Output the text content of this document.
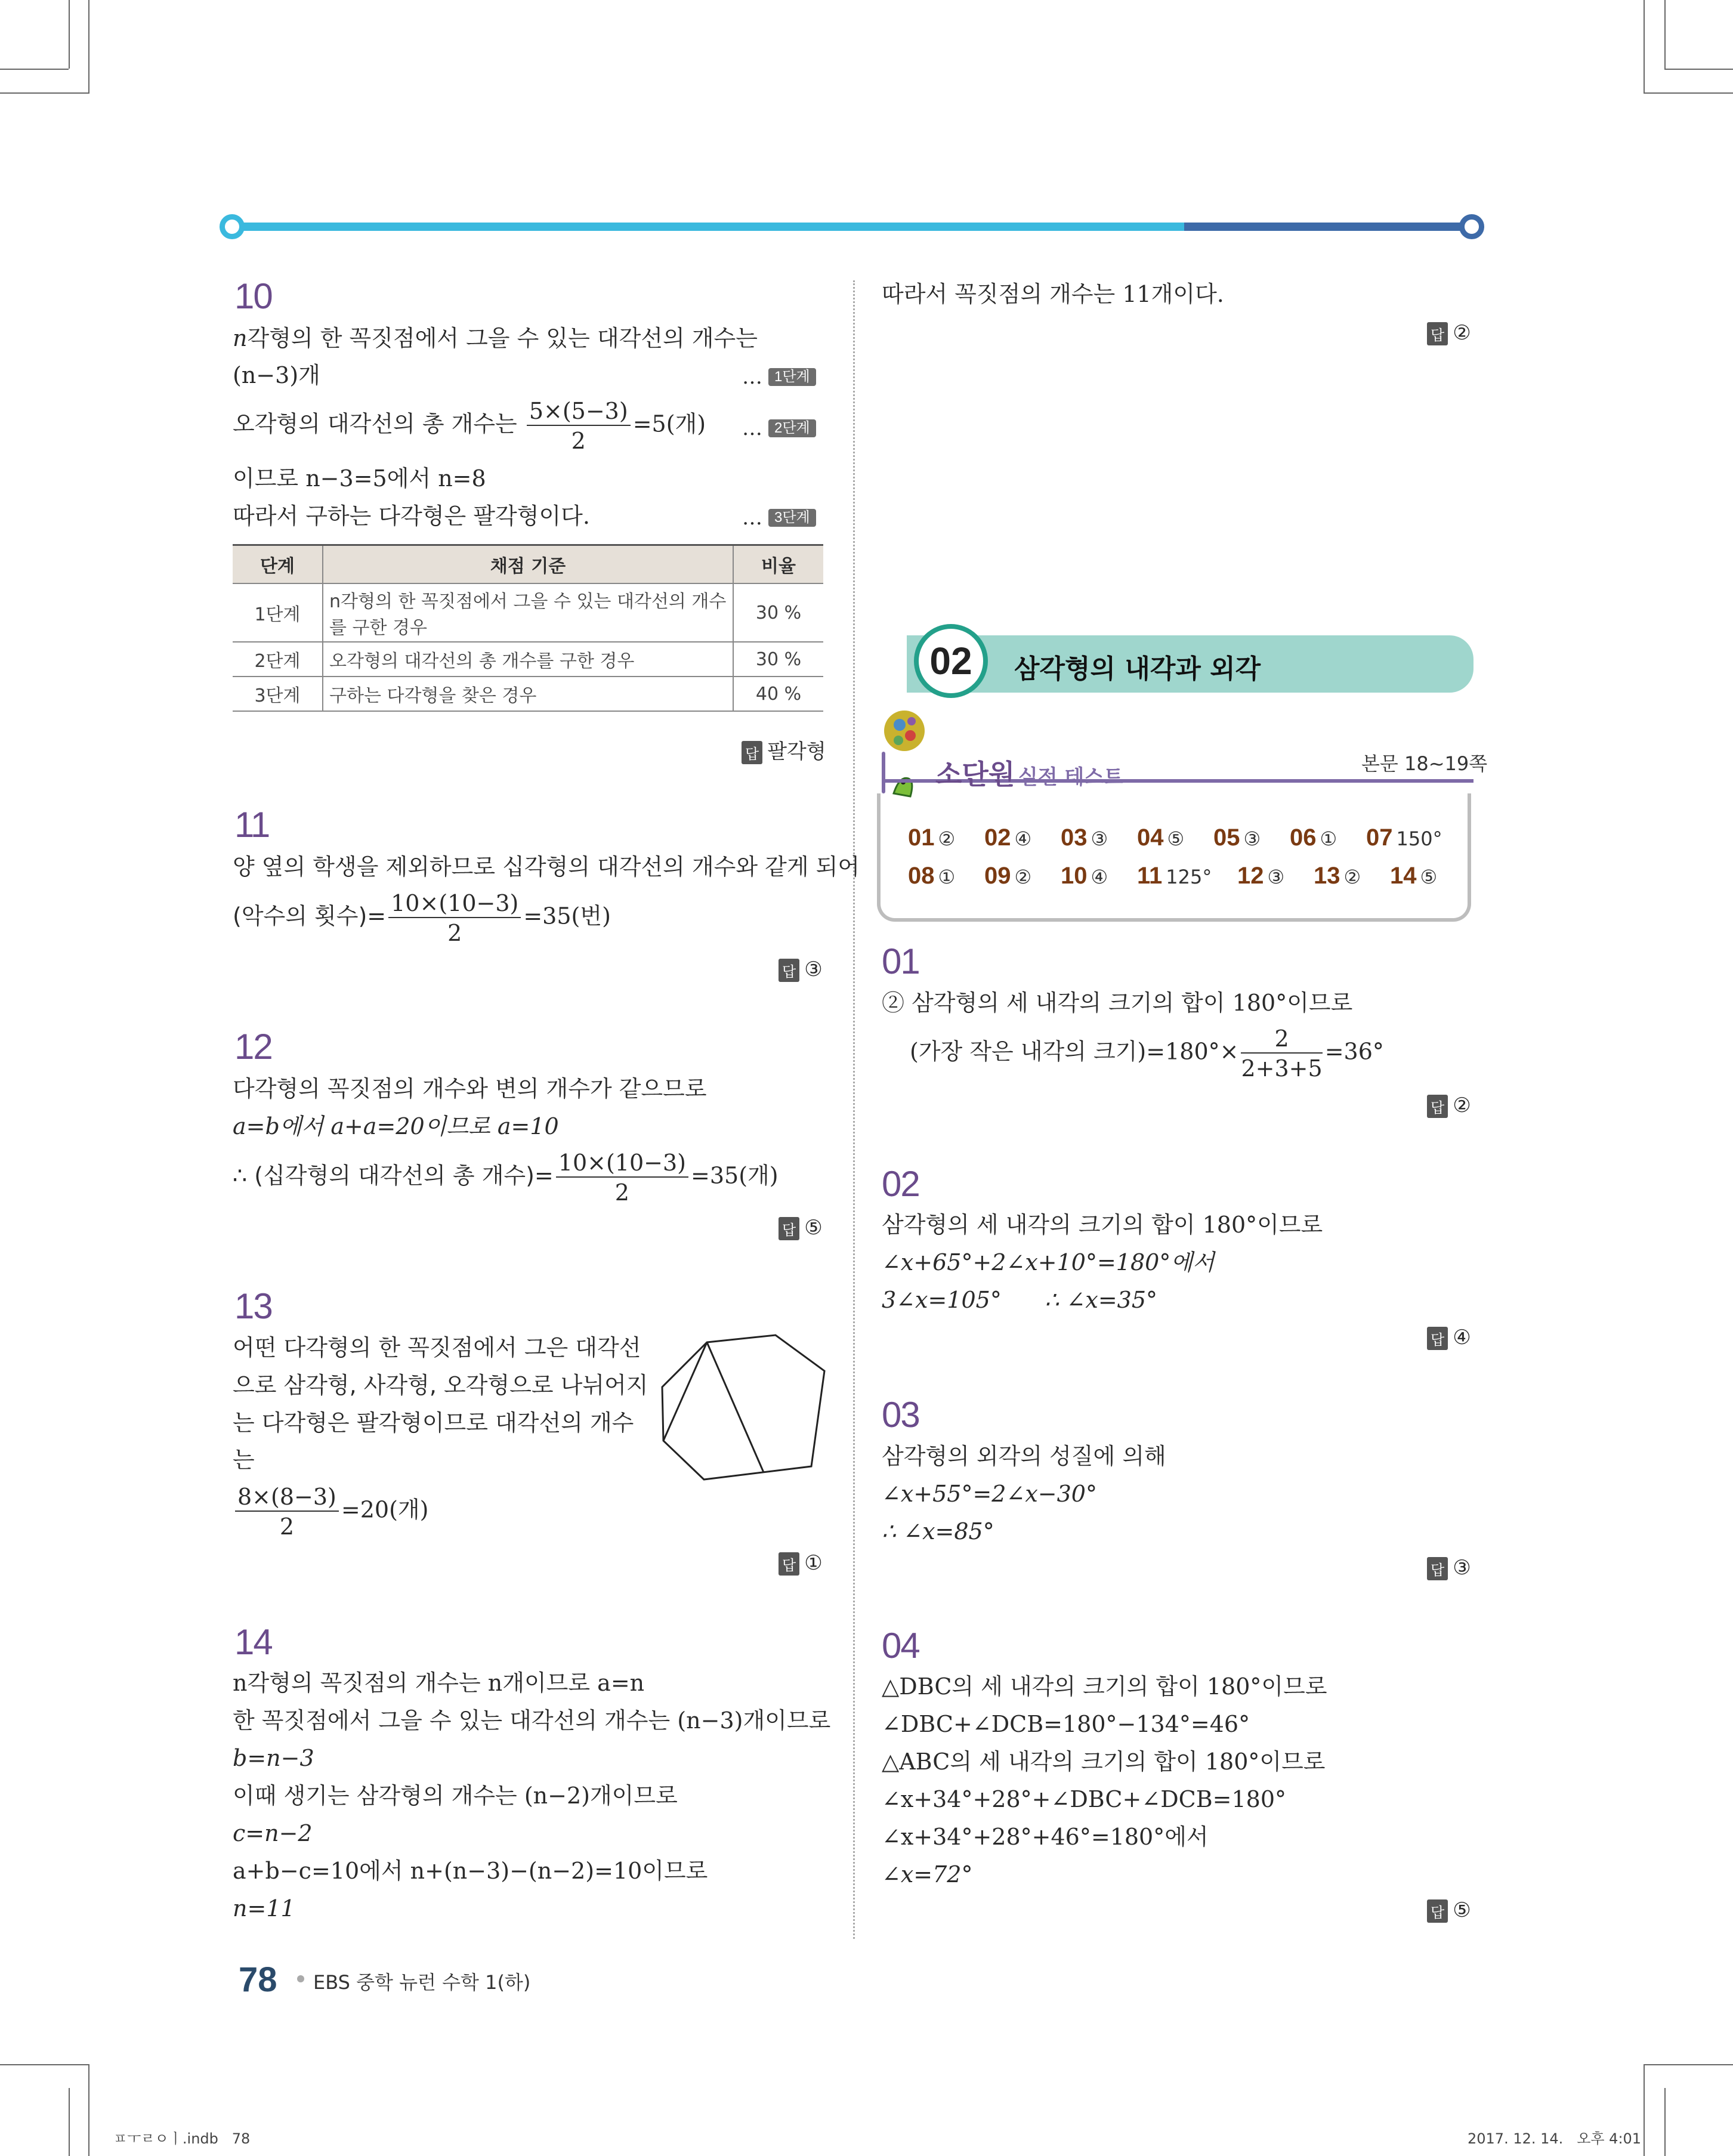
10
n각형의 한 꼭짓점에서 그을 수 있는 대각선의 개수는
(n−3)개	… 1단계
오각형의 대각선의 총 개수는 $\frac{5\times(5-3)}{2} =5$(개) … 2단계
이므로 n−3=5에서 n=8
따라서 구하는 다각형은 팔각형이다.	… 3단계
단계	채점 기준	비율
1단계	n각형의 한 꼭짓점에서 그을 수 있는 대각선의 개수를 구한 경우	30 %
2단계	오각형의 대각선의 총 개수를 구한 경우	30 %
3단계	구하는 다각형을 찾은 경우	40 %
답 팔각형
11
양 옆의 학생을 제외하므로 십각형의 대각선의 개수와 같게 되어
(악수의 횟수)= $\frac{10\times(10-3)}{2} =35$(번)
답 ③
12
다각형의 꼭짓점의 개수와 변의 개수가 같으므로
a=b에서 a+a=20이므로 a=10
∴ (십각형의 대각선의 총 개수)= $\frac{10\times(10-3)}{2} =35$(개)
답 ⑤
13
어떤 다각형의 한 꼭짓점에서 그은 대각선
으로 삼각형, 사각형, 오각형으로 나뉘어지
는 다각형은 팔각형이므로 대각선의 개수
는
$\frac{8\times(8-3)}{2} =20$(개)
답 ①
14
n각형의 꼭짓점의 개수는 n개이므로 a=n
한 꼭짓점에서 그을 수 있는 대각선의 개수는 (n−3)개이므로
b=n−3
이때 생기는 삼각형의 개수는 (n−2)개이므로
c=n−2
a+b−c=10에서 n+(n−3)−(n−2)=10이므로
n=11
따라서 꼭짓점의 개수는 11개이다.
답 ②
02	삼각형의 내각과 외각
소단원 실전 테스트
본문 18~19쪽
01 ② 02 ④ 03 ③ 04 ⑤ 05 ③ 06 ① 07 150°
08 ① 09 ② 10 ④ 11 125° 12 ③ 13 ② 14 ⑤
01
② 삼각형의 세 내각의 크기의 합이 180°이므로
(가장 작은 내각의 크기)$=180^\circ\times \frac{2}{2+3+5} =36^\circ$
답 ②
02
삼각형의 세 내각의 크기의 합이 180°이므로
∠x+65°+2∠x+10°=180°에서
3∠x=105°      ∴ ∠x=35°
답 ④
03
삼각형의 외각의 성질에 의해
∠x+55°=2∠x−30°
∴ ∠x=85°
답 ③
04
△DBC의 세 내각의 크기의 합이 180°이므로
∠DBC+∠DCB=180°−134°=46°
△ABC의 세 내각의 크기의 합이 180°이므로
∠x+34°+28°+∠DBC+∠DCB=180°
∠x+34°+28°+46°=180°에서
∠x=72°
답 ⑤
78 EBS 중학 뉴런 수학 1(하)
ㅍㅜㄹㅇㅣ.indb   78	2017. 12. 14.   오후 4:01
